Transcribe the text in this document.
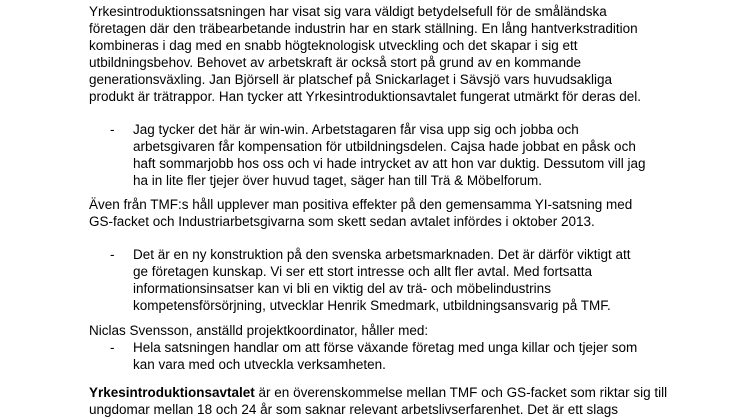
Yrkesintroduktionssatsningen har visat sig vara väldigt betydelsefull för de småländska
företagen där den träbearbetande industrin har en stark ställning. En lång hantverkstradition
kombineras i dag med en snabb högteknologisk utveckling och det skapar i sig ett
utbildningsbehov. Behovet av arbetskraft är också stort på grund av en kommande
generationsväxling. Jan Björsell är platschef på Snickarlaget i Sävsjö vars huvudsakliga
produkt är trätrappor. Han tycker att Yrkesintroduktionsavtalet fungerat utmärkt för deras del.
- Jag tycker det här är win-win. Arbetstagaren får visa upp sig och jobba och
arbetsgivaren får kompensation för utbildningsdelen. Cajsa hade jobbat en påsk och
haft sommarjobb hos oss och vi hade intrycket av att hon var duktig. Dessutom vill jag
ha in lite fler tjejer över huvud taget, säger han till Trä & Möbelforum.
Även från TMF:s håll upplever man positiva effekter på den gemensamma YI-satsning med
GS-facket och Industriarbetsgivarna som skett sedan avtalet infördes i oktober 2013.
- Det är en ny konstruktion på den svenska arbetsmarknaden. Det är därför viktigt att
ge företagen kunskap. Vi ser ett stort intresse och allt fler avtal. Med fortsatta
informationsinsatser kan vi bli en viktig del av trä- och möbelindustrins
kompetensförsörjning, utvecklar Henrik Smedmark, utbildningsansvarig på TMF.
Niclas Svensson, anställd projektkoordinator, håller med:
- Hela satsningen handlar om att förse växande företag med unga killar och tjejer som
kan vara med och utveckla verksamheten.
Yrkesintroduktionsavtalet är en överenskommelse mellan TMF och GS-facket som riktar sig till
ungdomar mellan 18 och 24 år som saknar relevant arbetslivserfarenhet. Det är ett slags
